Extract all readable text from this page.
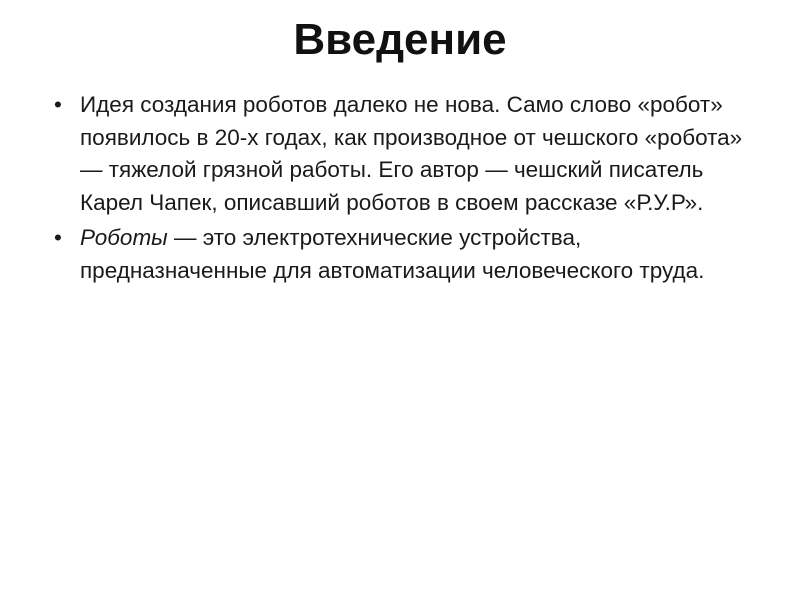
Введение
• Идея создания роботов далеко не нова. Само слово «робот» появилось в 20-х годах, как производное от чешского «робота» — тяжелой грязной работы. Его автор — чешский писатель Карел Чапек, описавший роботов в своем рассказе «Р.У.Р».
• Роботы — это электротехнические устройства, предназначенные для автоматизации человеческого труда.
